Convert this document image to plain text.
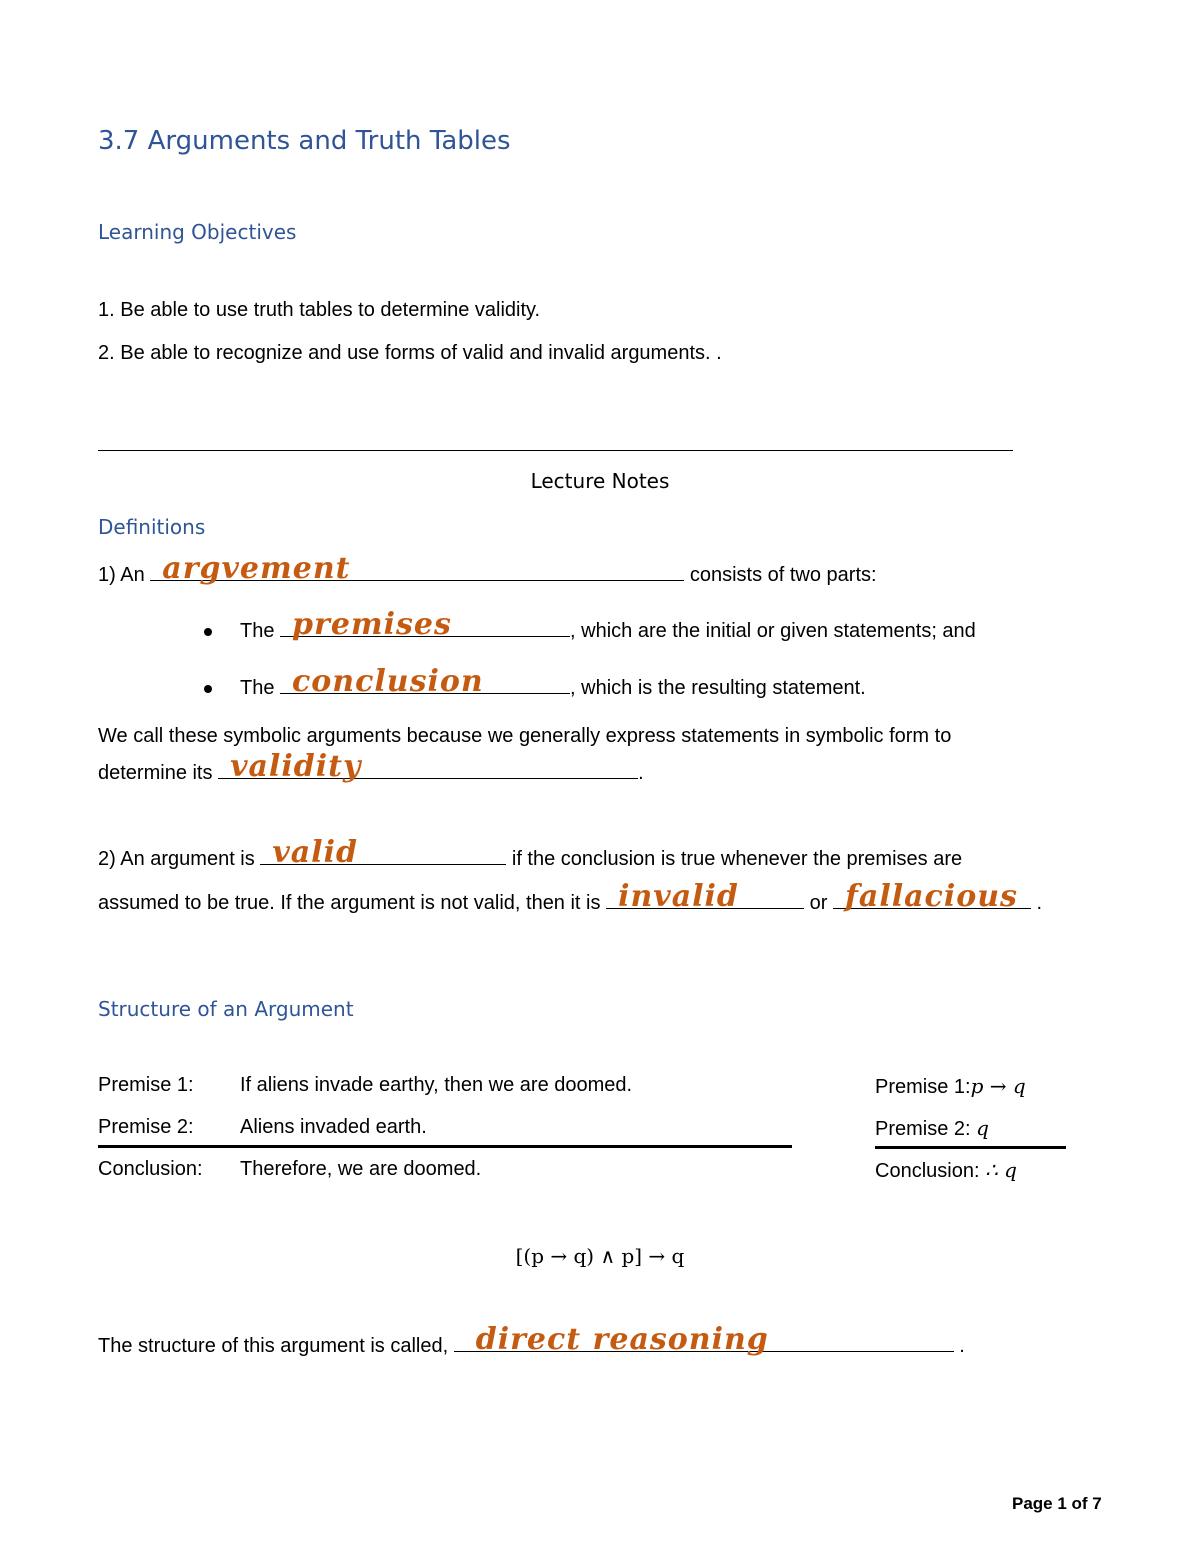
3.7 Arguments and Truth Tables
Learning Objectives
1. Be able to use truth tables to determine validity.
2. Be able to recognize and use forms of valid and invalid arguments. .
Lecture Notes
Definitions
1) An argvement	consists of two parts:
The premises	, which are the initial or given statements; and
The conclusion	, which is the resulting statement.
We call these symbolic arguments because we generally express statements in symbolic form to
determine its validity	.
2) An argument is valid	if the conclusion is true whenever the premises are
assumed to be true. If the argument is not valid, then it is invalid	or fallacious .
Structure of an Argument
Premise 1: If aliens invade earthy, then we are doomed.	Premise 1:p → q
Premise 2: Aliens invaded earth.	Premise 2: q
Conclusion: Therefore, we are doomed.	Conclusion: ∴ q
[(p → q) ∧ p] → q
The structure of this argument is called, direct reasoning	.
Page 1 of 7
